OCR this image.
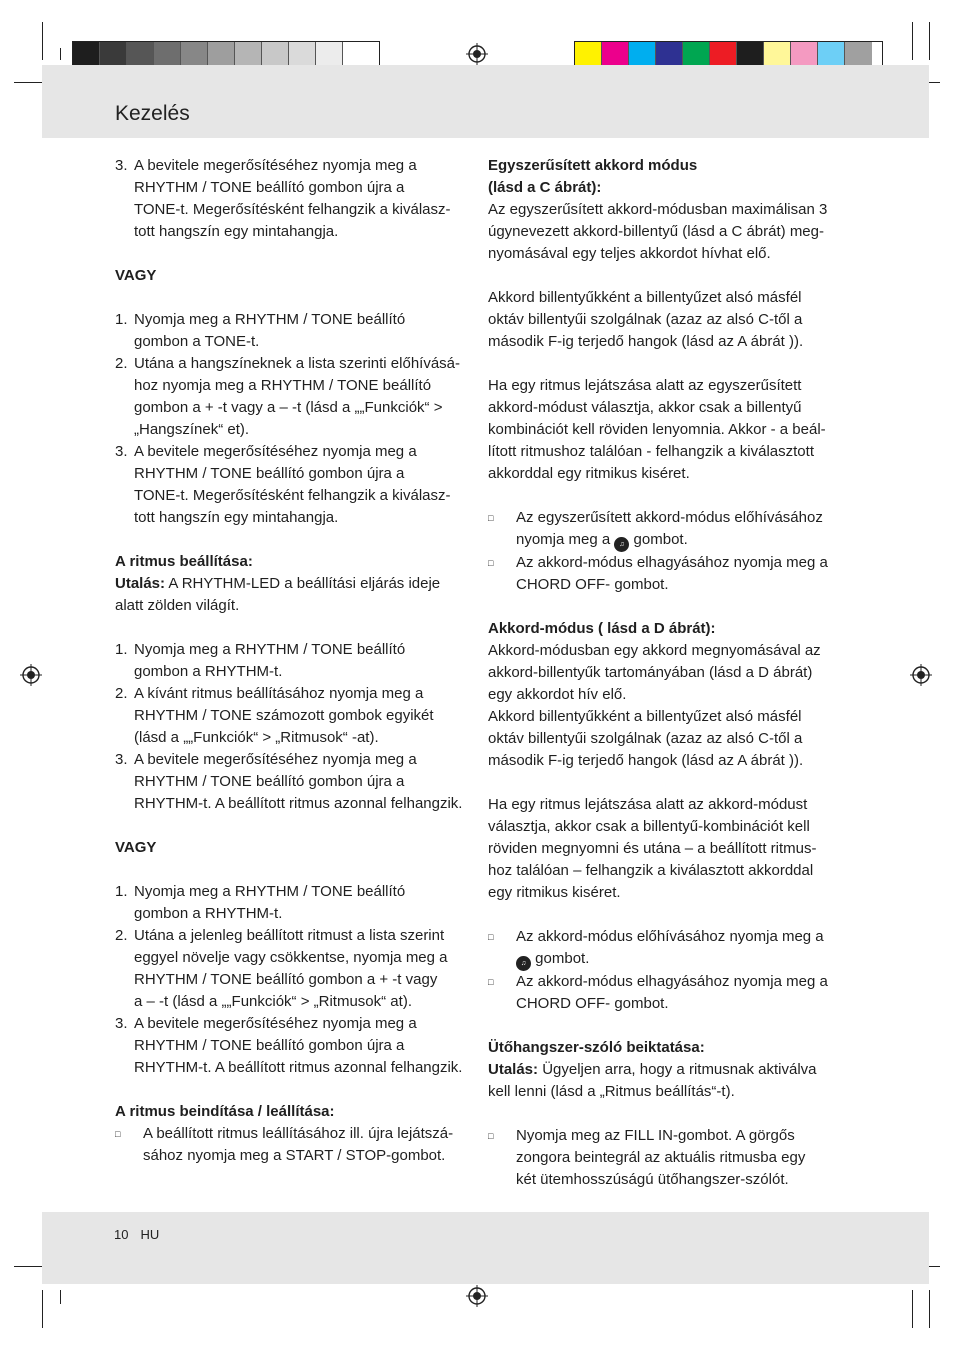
Kezelés
3. A bevitele megerősítéséhez nyomja meg a

RHYTHM / TONE beállító gombon újra a

TONE-t. Megerősítésként felhangzik a kiválasz-

tott hangszín egy mintahangja.

VAGY

1. Nyomja meg a RHYTHM / TONE beállító

gombon a TONE-t.

2. Utána a hangszíneknek a lista szerinti előhívásá-

hoz nyomja meg a RHYTHM / TONE beállító

gombon a + -t vagy a – -t (lásd a „„Funkciók“ >

„Hangszínek“ et).

3. A bevitele megerősítéséhez nyomja meg a

RHYTHM / TONE beállító gombon újra a

TONE-t. Megerősítésként felhangzik a kiválasz-

tott hangszín egy mintahangja.

A ritmus beállítása:

Utalás: A RHYTHM-LED a beállítási eljárás ideje

alatt zölden világít.

1. Nyomja meg a RHYTHM / TONE beállító

gombon a RHYTHM-t.

2. A kívánt ritmus beállításához nyomja meg a

RHYTHM / TONE számozott gombok egyikét

(lásd a „„Funkciók“ > „Ritmusok“ -at).

3. A bevitele megerősítéséhez nyomja meg a

RHYTHM / TONE beállító gombon újra a

RHYTHM-t. A beállított ritmus azonnal felhangzik.

VAGY

1. Nyomja meg a RHYTHM / TONE beállító

gombon a RHYTHM-t.

2. Utána a jelenleg beállított ritmust a lista szerint

eggyel növelje vagy csökkentse, nyomja meg a

RHYTHM / TONE beállító gombon a + -t vagy

a – -t (lásd a „„Funkciók“ > „Ritmusok“ at).

3. A bevitele megerősítéséhez nyomja meg a

RHYTHM / TONE beállító gombon újra a

RHYTHM-t. A beállított ritmus azonnal felhangzik.

A ritmus beindítása / leállítása:

□	A beállított ritmus leállításához ill. újra lejátszá-

sához nyomja meg a START / STOP-gombot.

Egyszerűsített akkord módus

(lásd a C ábrát):

Az egyszerűsített akkord-módusban maximálisan 3

úgynevezett akkord-billentyű (lásd a C ábrát) meg-

nyomásával egy teljes akkordot hívhat elő.

Akkord billentyűkként a billentyűzet alsó másfél

oktáv billentyűi szolgálnak (azaz az alsó C-től a

második F-ig terjedő hangok (lásd az A ábrát )).

Ha egy ritmus lejátszása alatt az egyszerűsített

akkord-módust választja, akkor csak a billentyű

kombinációt kell röviden lenyomnia. Akkor - a beál-

lított ritmushoz találóan - felhangzik a kiválasztott

akkorddal egy ritmikus kiséret.

□	Az egyszerűsített akkord-módus előhívásához

nyomja meg a ♫ gombot.

□	Az akkord-módus elhagyásához nyomja meg a

CHORD OFF- gombot.

Akkord-módus ( lásd a D ábrát):

Akkord-módusban egy akkord megnyomásával az

akkord-billentyűk tartományában (lásd a D ábrát)

egy akkordot hív elő.

Akkord billentyűkként a billentyűzet alsó másfél

oktáv billentyűi szolgálnak (azaz az alsó C-től a

második F-ig terjedő hangok (lásd az A ábrát )).

Ha egy ritmus lejátszása alatt az akkord-módust

választja, akkor csak a billentyű-kombinációt kell

röviden megnyomni és utána – a beállított ritmus-

hoz találóan – felhangzik a kiválasztott akkorddal

egy ritmikus kiséret.

□	Az akkord-módus előhívásához nyomja meg a

♫ gombot.

□	Az akkord-módus elhagyásához nyomja meg a

CHORD OFF- gombot.

Ütőhangszer-szóló beiktatása:

Utalás: Ügyeljen arra, hogy a ritmusnak aktiválva

kell lenni (lásd a „Ritmus beállítás“-t).

□	Nyomja meg az FILL IN-gombot. A görgős

zongora beintegrál az aktuális ritmusba egy

két ütemhosszúságú ütőhangszer-szólót.

10 HU
